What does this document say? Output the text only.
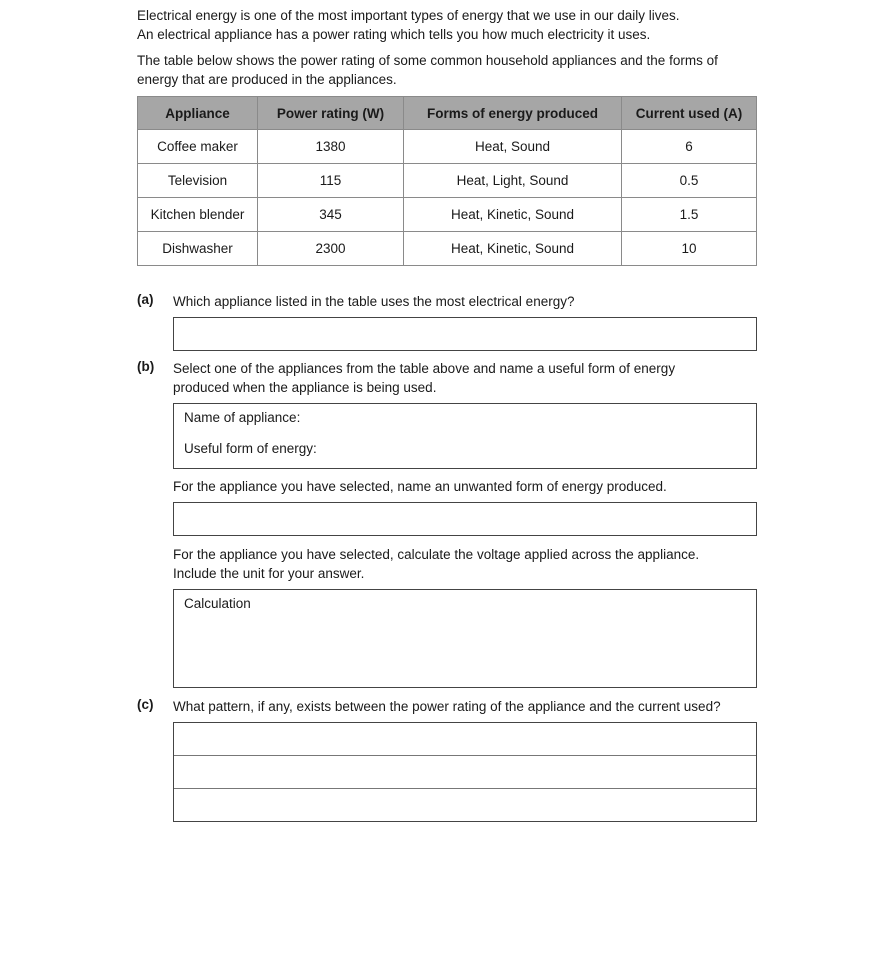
Electrical energy is one of the most important types of energy that we use in our daily lives.
An electrical appliance has a power rating which tells you how much electricity it uses.
The table below shows the power rating of some common household appliances and the forms of
energy that are produced in the appliances.
Appliance	Power rating (W)	Forms of energy produced	Current used (A)
Coffee maker	1380	Heat, Sound	6
Television	115	Heat, Light, Sound	0.5
Kitchen blender	345	Heat, Kinetic, Sound	1.5
Dishwasher	2300	Heat, Kinetic, Sound	10
(a) Which appliance listed in the table uses the most electrical energy?
(b) Select one of the appliances from the table above and name a useful form of energy
produced when the appliance is being used.
Name of appliance:
Useful form of energy:
For the appliance you have selected, name an unwanted form of energy produced.
For the appliance you have selected, calculate the voltage applied across the appliance.
Include the unit for your answer.
Calculation
(c) What pattern, if any, exists between the power rating of the appliance and the current used?
